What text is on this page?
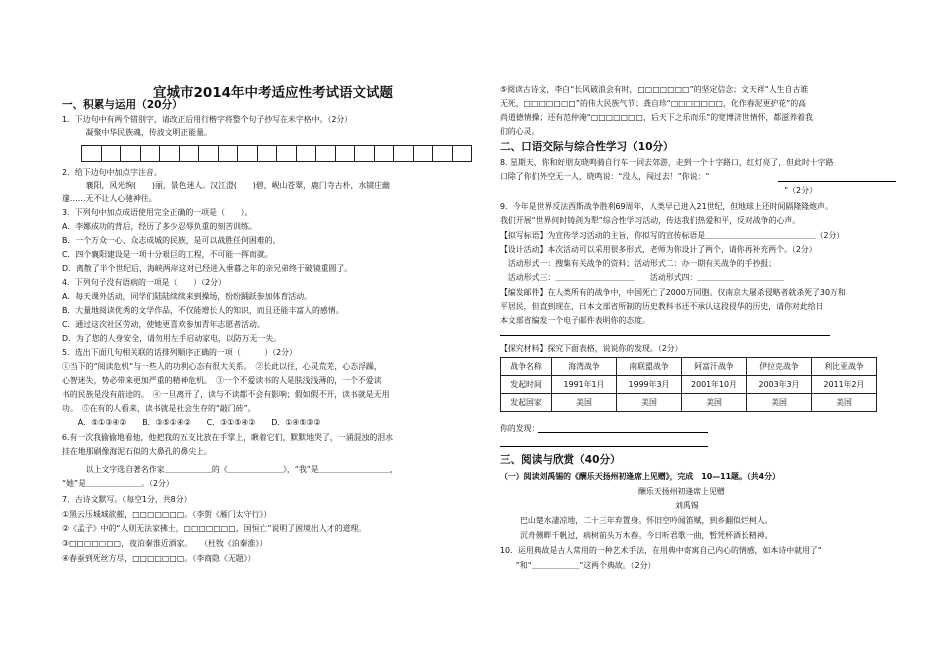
宜城市2014年中考适应性考试语文试题
一、积累与运用（20分）
1．下边句中有两个错别字，请改正后用行楷字将整个句子抄写在米字格中。（2分）
　　　凝聚中华民族魂，传波文明正能量。
2．给下边句中加点字注音。
　　　襄阳，风光绚(　　)丽，景色迷人。汉江澄(　　)碧，岘山苍翠，鹿门寺古朴，水镜庄幽
邃……无不让人心驰神往。
3．下列句中加点成语使用完全正确的一项是（　　）。
A．李娜成功的背后，经历了多少忍辱负重的刻苦训练。
B．一个万众一心、众志成城的民族，是可以战胜任何困难的。
C．四个襄阳建设是一项十分艰巨的工程，不可能一挥而就。
D．离散了半个世纪后，海峡两岸这对已经进入垂暮之年的亲兄弟终于破镜重圆了。
4．下列句子没有语病的一项是（　　）（2分）
A．每天课外活动，同学们陆陆续续来到操场，纷纷踊跃参加体育活动。
B．大量地阅读优秀的文学作品，不仅能增长人的知识，而且还能丰富人的感情。
C．通过这次社区劳动，使她更喜欢参加青年志愿者活动。
D．为了您的人身安全，请勿用左手启动家电，以防万无一失。
5．选出下面几句相关联的话排列顺序正确的一项（　　　）（2分）
①当下的“阅读危机”与一些人的功利心态有很大关系。　②长此以往，心灵荒芜，心态浮躁，
心智迷失，势必带来更加严重的精神危机。　③一个不爱读书的人是肤浅浅薄的，一个不爱读
书的民族是没有前途的。　④一旦离开了，读与不读都不会有影响；假如假不开，读书就是无用
功。　⑤在有的人看来，读书就是社会生存的“敲门砖”。
　　A．⑤①③④②　　B．③⑤①④②　　C．③①⑤④②　　D．①④⑤③②
6.有一次我偷偷地看他，他把我的五支比放在手掌上，瞅着它们，默默地哭了，一涌混浊的泪水
挂在地那刷像海泥石似的大鼻孔的鼻尖上。
　　　以上文字选自著名作家＿＿＿＿＿＿的《＿＿＿＿＿＿＿》，“我”是＿＿＿＿＿＿＿＿＿，
“她”是＿＿＿＿＿＿＿。（2分）
7．古诗文默写。（每空1分，共8分）
①黑云压城城欲摧，□□□□□□□。（李贺《雁门太守行》）
②《孟子》中的“人则无法家拂士，□□□□□□□，国恒亡”说明了困境出人才的道理。
③□□□□□□□，夜泊秦淮近酒家。　　（杜牧《泊秦淮》）
④春蚕到死丝方尽，□□□□□□□。（李商隐《无题》）
⑤阅读古诗文，李白“长风破浪会有时，□□□□□□□”的坚定信念；文天祥“人生自古谁
无死，□□□□□□□”的伟大民族气节；龚自珍“□□□□□□□，化作春泥更护花”的高
尚道德情操；还有范仲淹“□□□□□□□，后天下之乐而乐”的宽博济世情怀，都滋养着我
们的心灵。
二、口语交际与综合性学习（10分）
8. 星期天，你和好朋友晓鸣骑自行车一同去郊游，走到一个十字路口，红灯亮了，但此时十字路
口除了你们外空无一人，晓鸣说：“没人，闯过去！”你说：“
　　　　　　　　　　　　　　　　　　　　　　　　　　　　　　　　　　　　”（2分）
9．今年是世界反法西斯战争胜利69周年，人类早已进入21世纪，但地球上还时间隔隆隆炮声。
我们开展“世界何时铸剑为犁”综合性学习活动，传达我们热爱和平，反对战争的心声。
【拟写标语】为宣传学习活动的主旨，你拟写的宣传标语是＿＿＿＿＿＿＿＿＿＿＿＿＿＿（2分）
【设计活动】本次活动可以采用很多形式，老师为你设计了两个，请你再补充两个。（2分）
　活动形式一：搜集有关战争的资料；活动形式二：办一期有关战争的手抄报；
　活动形式三：＿＿＿＿＿＿＿＿＿＿　　活动形式四：＿＿＿＿＿＿＿＿＿＿＿
【编发邮件】在人类所有的战争中，中国死亡了2000万同胞。仅南京大屠杀侵略者就杀死了30万和
平居民，但直到现在，日本文部省所制的历史教科书还不承认这段侵华的历史，请你对此给日
本文部省编发一个电子邮件表明你的态度。
【探究材料】探究下面表格，说说你的发现。（2分）
战争名称	海湾战争	南联盟战争	阿富汗战争	伊拉克战争	利比亚战争
发起时间	1991年1月	1999年3月	2001年10月	2003年3月	2011年2月
发起国家	美国	美国	美国	美国	美国
你的发现：
三、阅读与欣赏（40分）
（一）阅读刘禹锡的《酬乐天扬州初逢席上见赠》，完成　10—11题。（共4分）
酬乐天扬州初逢席上见赠
刘禹锡
巴山楚水凄凉地，二十三年弃置身。怀旧空吟闻笛赋，到乡翻似烂柯人。
沉舟侧畔千帆过，病树前头万木春。今日听君歌一曲，暂凭杯酒长精神。
10．运用典故是古人常用的一种艺术手法，在用典中寄寓自己内心的情感，如本诗中就用了“
　　”和“＿＿＿＿＿＿”这两个典故。（2分）
